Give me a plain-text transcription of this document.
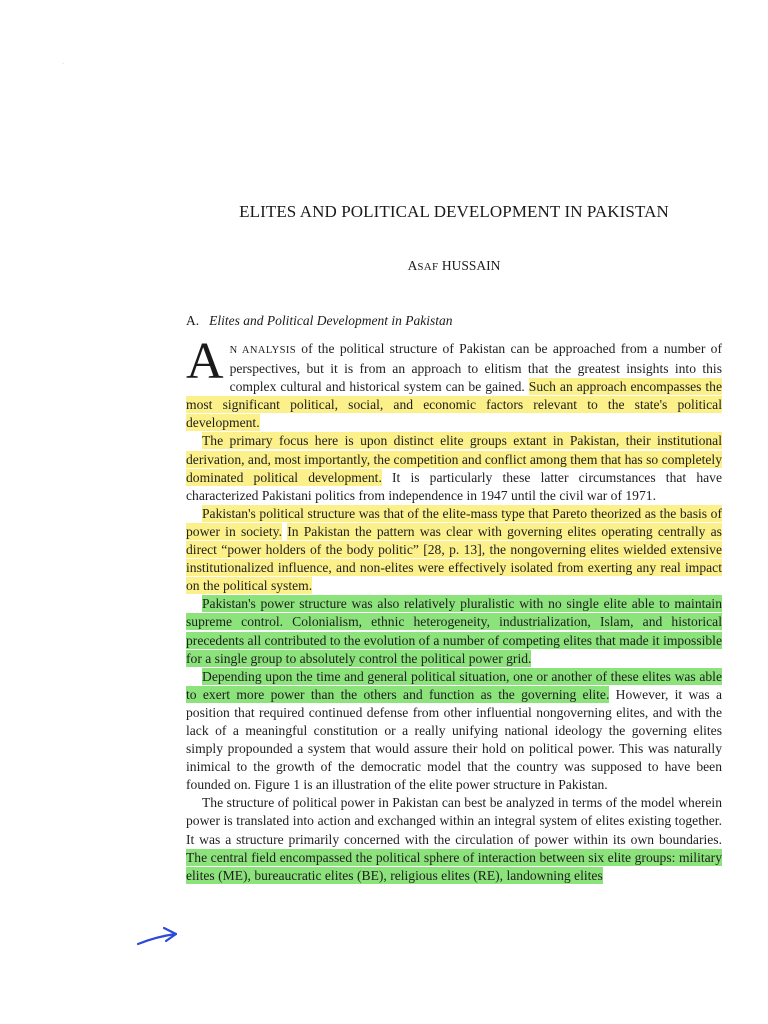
ELITES AND POLITICAL DEVELOPMENT IN PAKISTAN
ASAF HUSSAIN
A. Elites and Political Development in Pakistan

AN ANALYSIS of the political structure of Pakistan can be approached from a number of perspectives, but it is from an approach to elitism that the greatest insights into this complex cultural and historical system can be gained. Such an approach encompasses the most significant political, social, and economic factors relevant to the state's political development.

The primary focus here is upon distinct elite groups extant in Pakistan, their institutional derivation, and, most importantly, the competition and conflict among them that has so completely dominated political development. It is particularly these latter circumstances that have characterized Pakistani politics from independence in 1947 until the civil war of 1971.

Pakistan's political structure was that of the elite-mass type that Pareto theorized as the basis of power in society. In Pakistan the pattern was clear with governing elites operating centrally as direct “power holders of the body politic” [28, p. 13], the nongoverning elites wielded extensive institutionalized influence, and non-elites were effectively isolated from exerting any real impact on the political system.

Pakistan's power structure was also relatively pluralistic with no single elite able to maintain supreme control. Colonialism, ethnic heterogeneity, industrialization, Islam, and historical precedents all contributed to the evolution of a number of competing elites that made it impossible for a single group to absolutely control the political power grid.

Depending upon the time and general political situation, one or another of these elites was able to exert more power than the others and function as the governing elite. However, it was a position that required continued defense from other influential nongoverning elites, and with the lack of a meaningful constitution or a really unifying national ideology the governing elites simply propounded a system that would assure their hold on political power. This was naturally inimical to the growth of the democratic model that the country was supposed to have been founded on. Figure 1 is an illustration of the elite power structure in Pakistan.

The structure of political power in Pakistan can best be analyzed in terms of the model wherein power is translated into action and exchanged within an integral system of elites existing together. It was a structure primarily concerned with the circulation of power within its own boundaries. The central field encompassed the political sphere of interaction between six elite groups: military elites (ME), bureaucratic elites (BE), religious elites (RE), landowning elites
